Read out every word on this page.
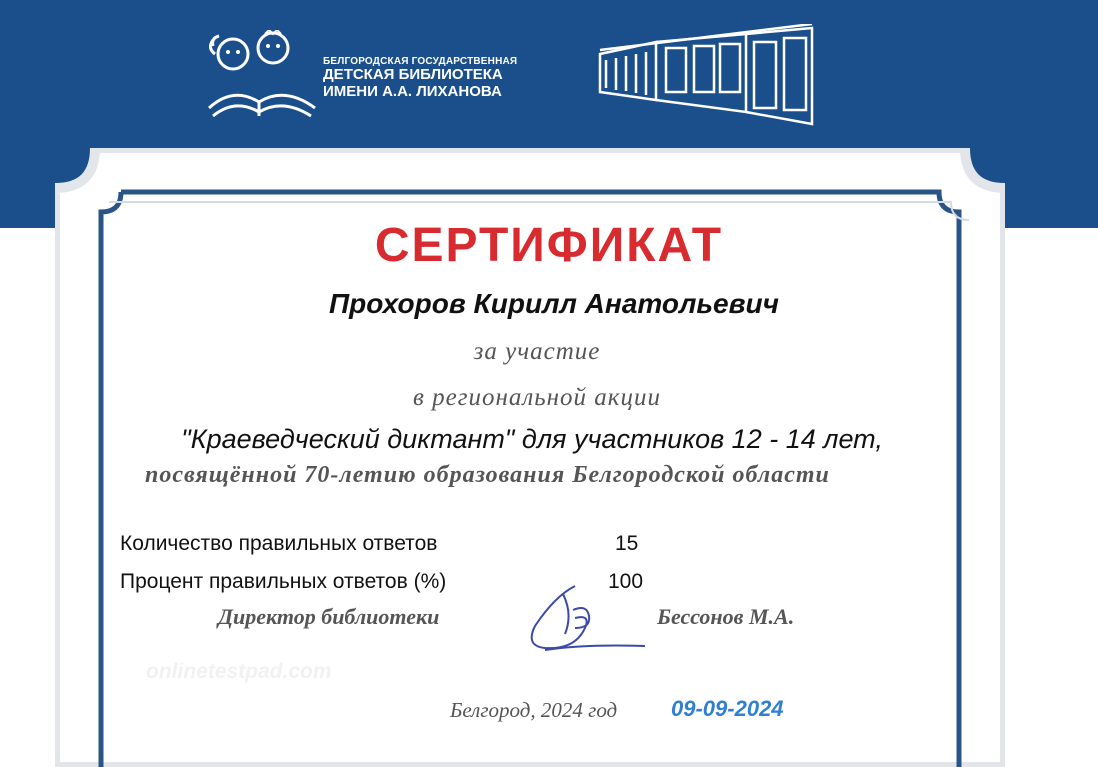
БЕЛГОРОДСКАЯ ГОСУДАРСТВЕННАЯ
ДЕТСКАЯ БИБЛИОТЕКА
ИМЕНИ А.А. ЛИХАНОВА
СЕРТИФИКАТ
Прохоров Кирилл Анатольевич
за участие
в региональной акции
"Краеведческий диктант" для участников 12 - 14 лет,
посвящённой 70-летию образования Белгородской области
Количество правильных ответов	15
Процент правильных ответов (%)	100
Директор библиотеки	Бессонов М.А.
onlinetestpad.com
Белгород, 2024 год 09-09-2024
